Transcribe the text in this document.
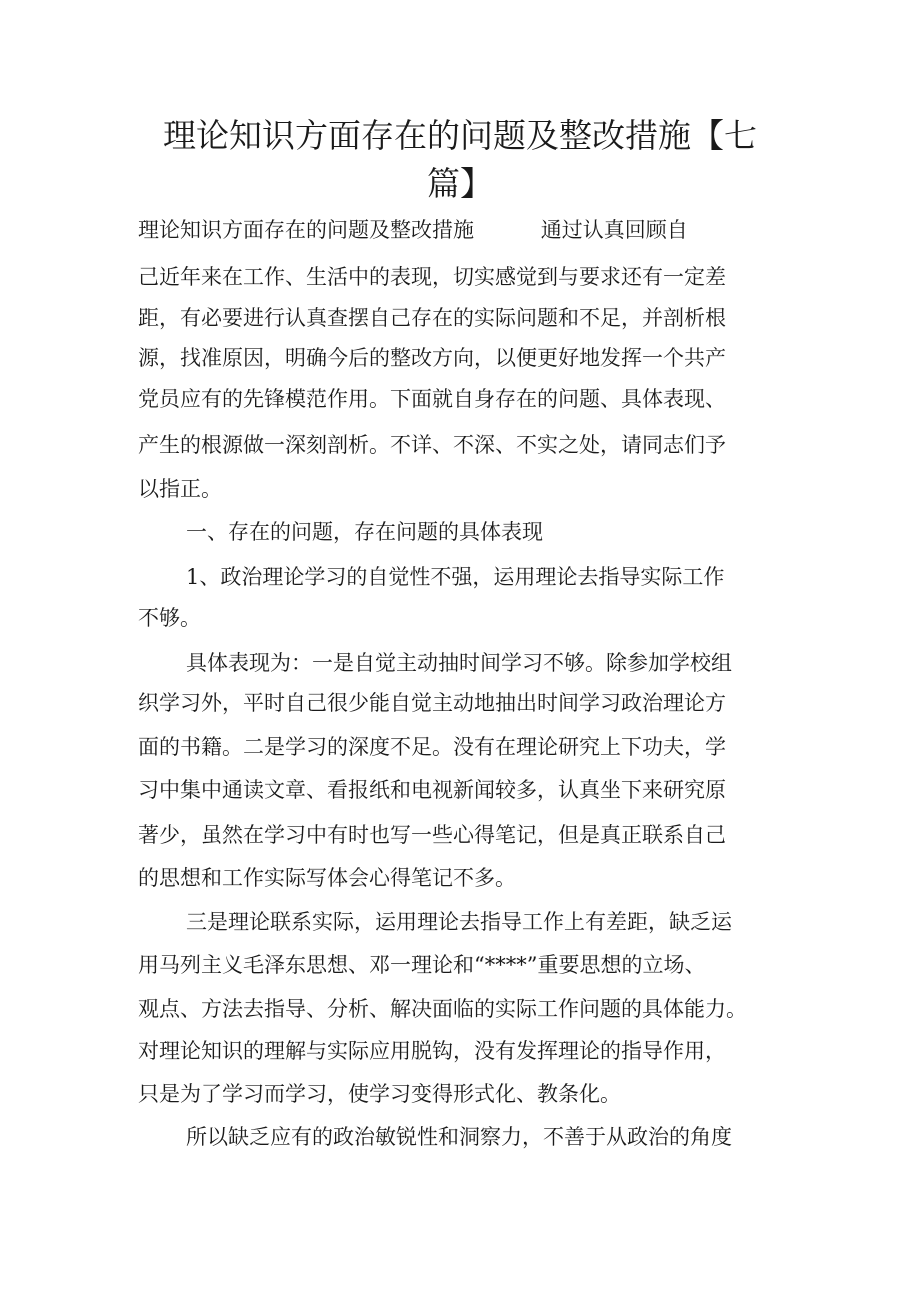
理论知识方面存在的问题及整改措施【七
篇】
理论知识方面存在的问题及整改措施          通过认真回顾自
己近年来在工作、生活中的表现，切实感觉到与要求还有一定差
距，有必要进行认真查摆自己存在的实际问题和不足，并剖析根
源，找准原因，明确今后的整改方向，以便更好地发挥一个共产
党员应有的先锋模范作用。下面就自身存在的问题、具体表现、
产生的根源做一深刻剖析。不详、不深、不实之处，请同志们予
以指正。
一、存在的问题，存在问题的具体表现
1、政治理论学习的自觉性不强，运用理论去指导实际工作
不够。
具体表现为：一是自觉主动抽时间学习不够。除参加学校组
织学习外，平时自己很少能自觉主动地抽出时间学习政治理论方
面的书籍。二是学习的深度不足。没有在理论研究上下功夫，学
习中集中通读文章、看报纸和电视新闻较多，认真坐下来研究原
著少，虽然在学习中有时也写一些心得笔记，但是真正联系自己
的思想和工作实际写体会心得笔记不多。
三是理论联系实际，运用理论去指导工作上有差距，缺乏运
用马列主义毛泽东思想、邓一理论和“****”重要思想的立场、
观点、方法去指导、分析、解决面临的实际工作问题的具体能力。
对理论知识的理解与实际应用脱钩，没有发挥理论的指导作用，
只是为了学习而学习，使学习变得形式化、教条化。
所以缺乏应有的政治敏锐性和洞察力，不善于从政治的角度
